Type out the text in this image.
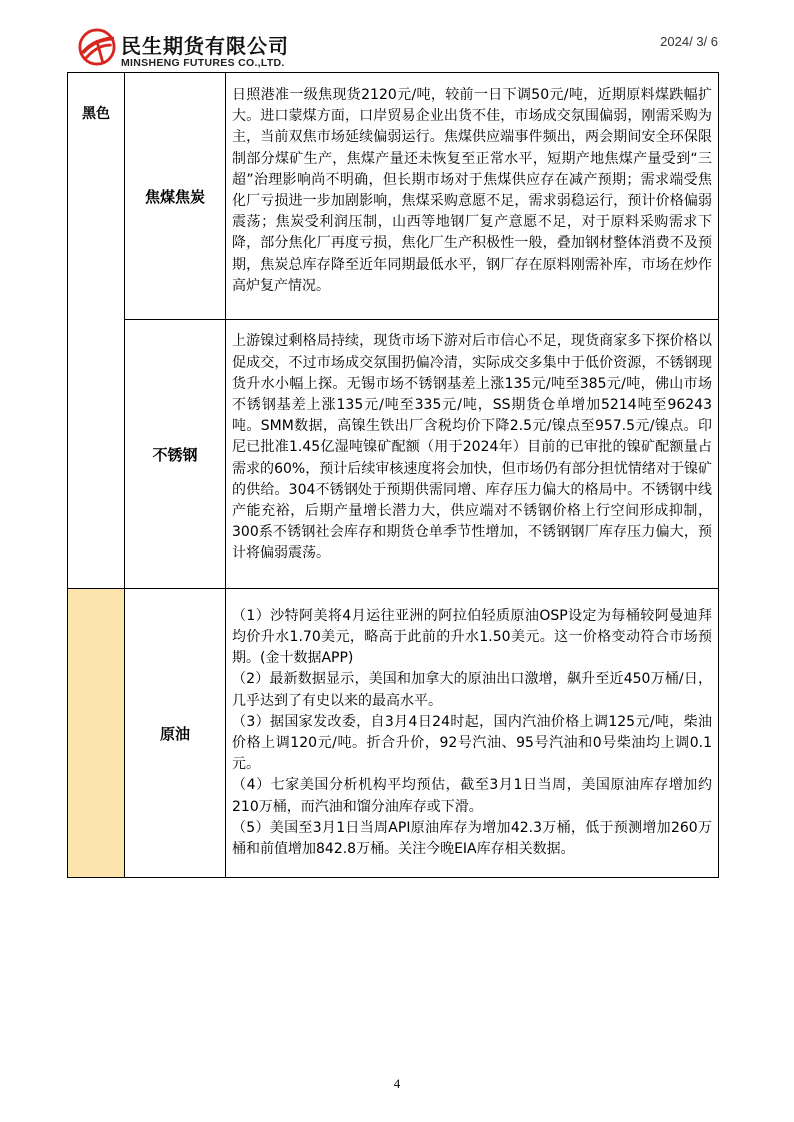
民生期货有限公司
MINSHENG FUTURES CO.,LTD.
2024/ 3/ 6
黑色	焦煤焦炭	日照港准一级焦现货2120元/吨，较前一日下调50元/吨，近期原料煤跌幅扩大。进口蒙煤方面，口岸贸易企业出货不佳，市场成交氛围偏弱，刚需采购为主，当前双焦市场延续偏弱运行。焦煤供应端事件频出，两会期间安全环保限制部分煤矿生产，焦煤产量还未恢复至正常水平，短期产地焦煤产量受到“三超”治理影响尚不明确，但长期市场对于焦煤供应存在减产预期；需求端受焦化厂亏损进一步加剧影响，焦煤采购意愿不足，需求弱稳运行，预计价格偏弱震荡；焦炭受利润压制，山西等地钢厂复产意愿不足，对于原料采购需求下降，部分焦化厂再度亏损，焦化厂生产积极性一般，叠加钢材整体消费不及预期，焦炭总库存降至近年同期最低水平，钢厂存在原料刚需补库，市场在炒作高炉复产情况。

	不锈钢	上游镍过剩格局持续，现货市场下游对后市信心不足，现货商家多下探价格以促成交，不过市场成交氛围扔偏冷清，实际成交多集中于低价资源，不锈钢现货升水小幅上探。无锡市场不锈钢基差上涨135元/吨至385元/吨，佛山市场不锈钢基差上涨135元/吨至335元/吨，SS期货仓单增加5214吨至96243吨。SMM数据，高镍生铁出厂含税均价下降2.5元/镍点至957.5元/镍点。印尼已批准1.45亿湿吨镍矿配额（用于2024年）目前的已审批的镍矿配额量占需求的60%，预计后续审核速度将会加快，但市场仍有部分担忧情绪对于镍矿的供给。304不锈钢处于预期供需同增、库存压力偏大的格局中。不锈钢中线产能充裕，后期产量增长潜力大，供应端对不锈钢价格上行空间形成抑制，300系不锈钢社会库存和期货仓单季节性增加，不锈钢钢厂库存压力偏大，预计将偏弱震荡。

	原油	（1）沙特阿美将4月运往亚洲的阿拉伯轻质原油OSP设定为每桶较阿曼迪拜均价升水1.70美元，略高于此前的升水1.50美元。这一价格变动符合市场预期。(金十数据APP)

（2）最新数据显示，美国和加拿大的原油出口激增，飙升至近450万桶/日，几乎达到了有史以来的最高水平。

（3）据国家发改委，自3月4日24时起，国内汽油价格上调125元/吨，柴油价格上调120元/吨。折合升价，92号汽油、95号汽油和0号柴油均上调0.1元。

（4）七家美国分析机构平均预估，截至3月1日当周，美国原油库存增加约210万桶，而汽油和馏分油库存或下滑。

（5）美国至3月1日当周API原油库存为增加42.3万桶，低于预测增加260万桶和前值增加842.8万桶。关注今晚EIA库存相关数据。

4
